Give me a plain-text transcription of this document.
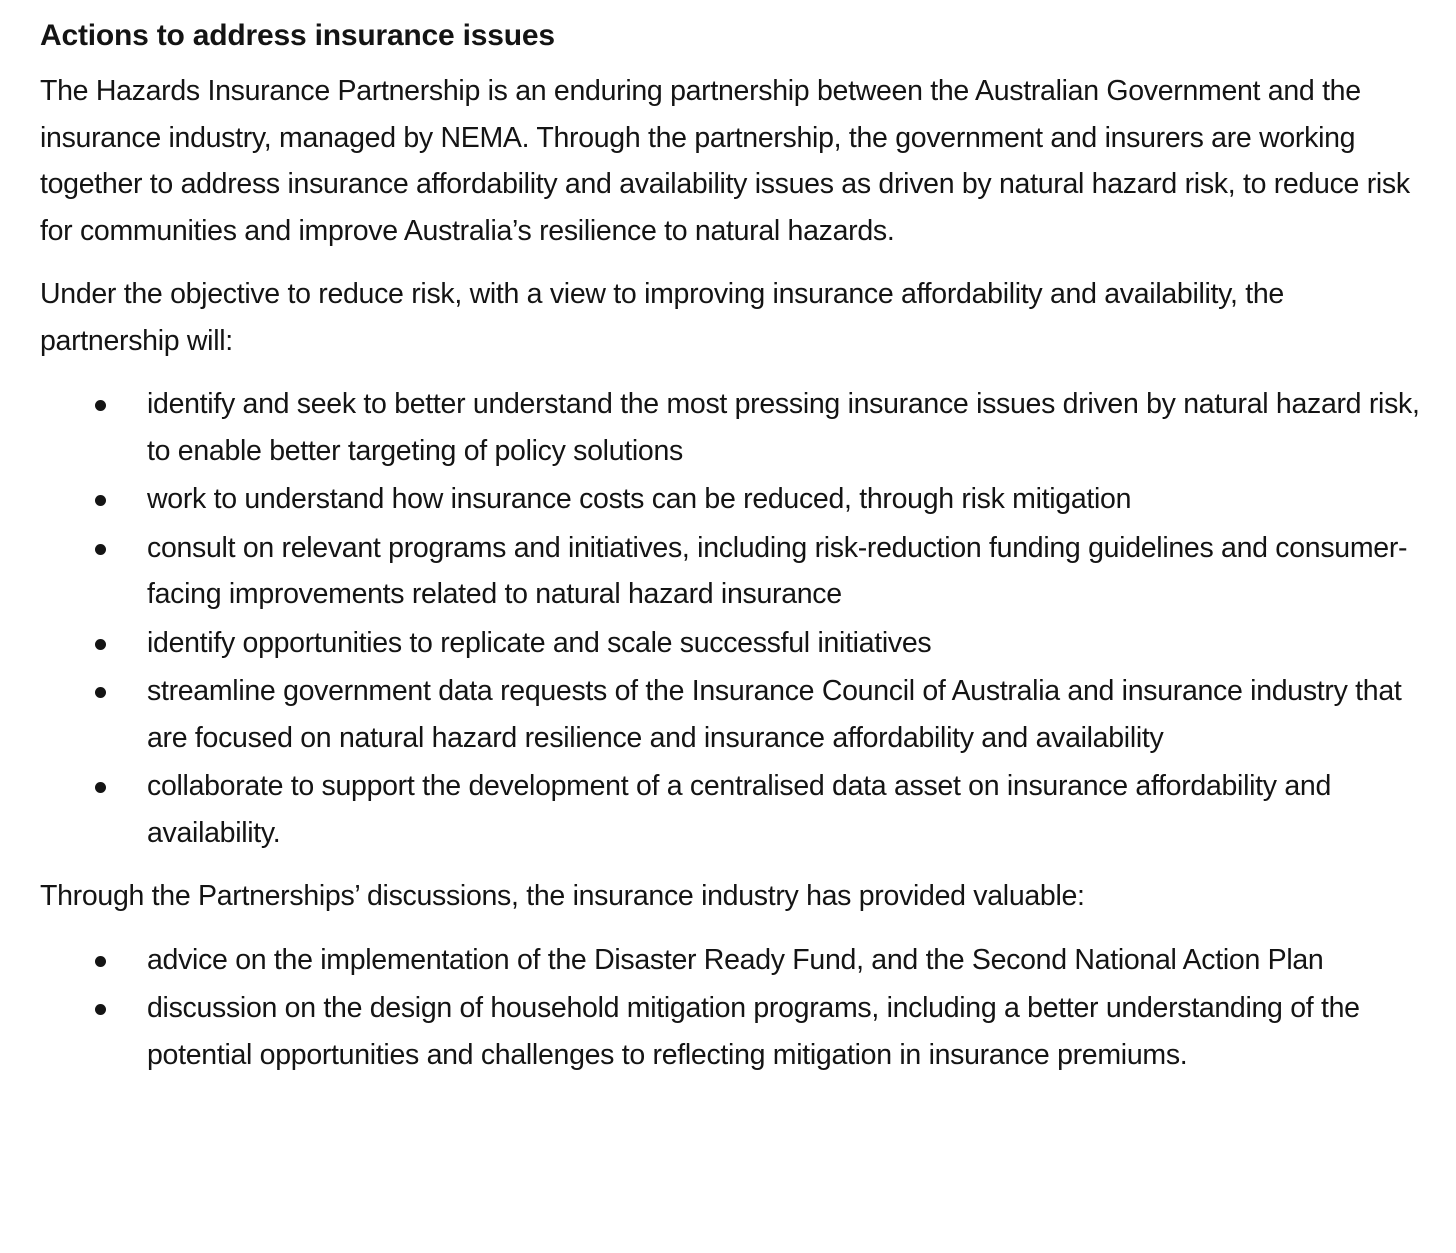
Actions to address insurance issues

The Hazards Insurance Partnership is an enduring partnership between the Australian Government and the insurance industry, managed by NEMA. Through the partnership, the government and insurers are working together to address insurance affordability and availability issues as driven by natural hazard risk, to reduce risk for communities and improve Australia’s resilience to natural hazards.

Under the objective to reduce risk, with a view to improving insurance affordability and availability, the partnership will:

identify and seek to better understand the most pressing insurance issues driven by natural hazard risk, to enable better targeting of policy solutions
work to understand how insurance costs can be reduced, through risk mitigation
consult on relevant programs and initiatives, including risk-reduction funding guidelines and consumer-facing improvements related to natural hazard insurance
identify opportunities to replicate and scale successful initiatives
streamline government data requests of the Insurance Council of Australia and insurance industry that are focused on natural hazard resilience and insurance affordability and availability
collaborate to support the development of a centralised data asset on insurance affordability and availability.

Through the Partnerships’ discussions, the insurance industry has provided valuable:

advice on the implementation of the Disaster Ready Fund, and the Second National Action Plan
discussion on the design of household mitigation programs, including a better understanding of the potential opportunities and challenges to reflecting mitigation in insurance premiums.
